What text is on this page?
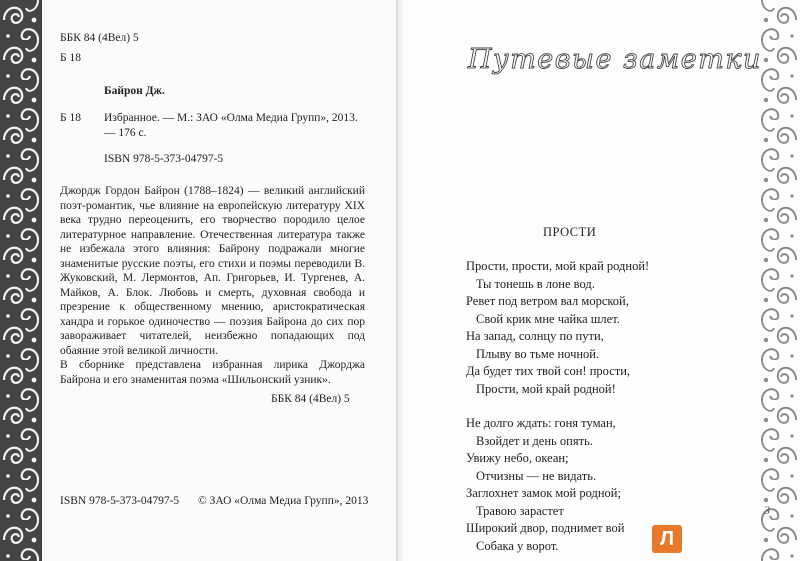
ББК 84 (4Вел) 5
Б 18
Байрон Дж.
Б 18 Избранное. — М.: ЗАО «Олма Медиа Групп», 2013. — 176 с.
ISBN 978-5-373-04797-5

Джордж Гордон Байрон (1788–1824) — великий английский поэт-романтик, чье влияние на европейскую литературу XIX века трудно переоценить, его творчество породило целое литературное направление. Отечественная литература также не избежала этого влияния: Байрону подражали многие знаменитые русские поэты, его стихи и поэмы переводили В. Жуковский, М. Лермонтов, Ап. Григорьев, И. Тургенев, А. Майков, А. Блок. Любовь и смерть, духовная свобода и презрение к общественному мнению, аристократическая хандра и горькое одиночество — поэзия Байрона до сих пор завораживает читателей, неизбежно попадающих под обаяние этой великой личности.

В сборнике представлена избранная лирика Джорджа Байрона и его знаменитая поэма «Шильонский узник».

ББК 84 (4Вел) 5
ISBN 978-5-373-04797-5 © ЗАО «Олма Медиа Групп», 2013
Путевые заметки
ПРОСТИ
Прости, прости, мой край родной!
Ты тонешь в лоне вод.
Ревет под ветром вал морской,
Свой крик мне чайка шлет.
На запад, солнцу по пути,
Плыву во тьме ночной.
Да будет тих твой сон! прости,
Прости, мой край родной!
Не долго ждать: гоня туман,
Взойдет и день опять.
Увижу небо, океан;
Отчизны — не видать.
Заглохнет замок мой родной;
Травою зарастет
Широкий двор, поднимет вой
Собака у ворот.
3
Л
